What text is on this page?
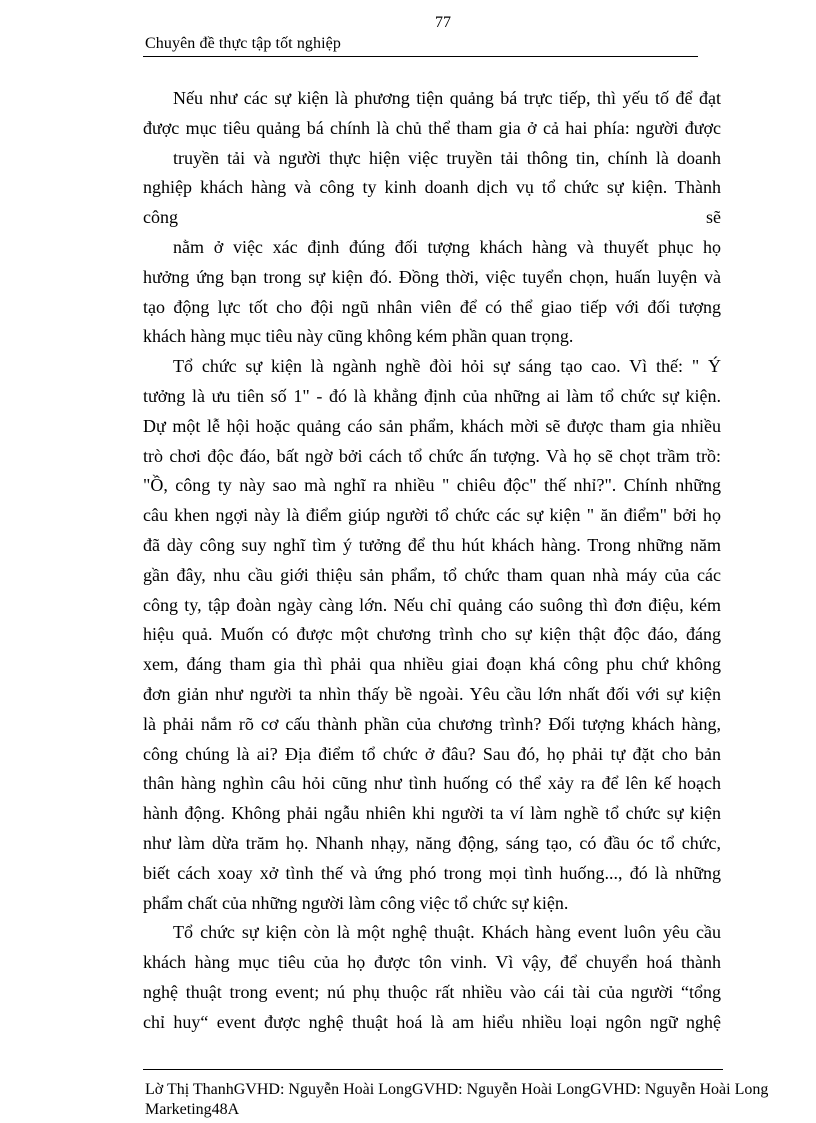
77
Chuyên đề thực tập tốt nghiệp
Nếu như các sự kiện là phương tiện quảng bá trực tiếp, thì yếu tố để đạt
được mục tiêu quảng bá chính là chủ thể tham gia ở cả hai phía: người được
truyền tải và người thực hiện việc truyền tải thông tin, chính là doanh
nghiệp khách hàng và công ty kinh doanh dịch vụ tổ chức sự kiện. Thành
công	sẽ
nằm ở việc xác định đúng đối tượng khách hàng và thuyết phục họ
hưởng ứng bạn trong sự kiện đó. Đồng thời, việc tuyển chọn, huấn luyện và
tạo động lực tốt cho đội ngũ nhân viên để có thể giao tiếp với đối tượng
khách hàng mục tiêu này cũng không kém phần quan trọng.
Tổ chức sự kiện là ngành nghề đòi hỏi sự sáng tạo cao. Vì thế: " Ý
tưởng là ưu tiên số 1" - đó là khẳng định của những ai làm tổ chức sự kiện.
Dự một lễ hội hoặc quảng cáo sản phẩm, khách mời sẽ được tham gia nhiều
trò chơi độc đáo, bất ngờ bởi cách tổ chức ấn tượng. Và họ sẽ chọt trầm trồ:
"Ồ, công ty này sao mà nghĩ ra nhiều " chiêu độc" thế nhỉ?". Chính những
câu khen ngợi này là điểm giúp người tổ chức các sự kiện " ăn điểm" bởi họ
đã dày công suy nghĩ tìm ý tưởng để thu hút khách hàng. Trong những năm
gần đây, nhu cầu giới thiệu sản phẩm, tổ chức tham quan nhà máy của các
công ty, tập đoàn ngày càng lớn. Nếu chỉ quảng cáo suông thì đơn điệu, kém
hiệu quả. Muốn có được một chương trình cho sự kiện thật độc đáo, đáng
xem, đáng tham gia thì phải qua nhiều giai đoạn khá công phu chứ không
đơn giản như người ta nhìn thấy bề ngoài. Yêu cầu lớn nhất đối với sự kiện
là phải nắm rõ cơ cấu thành phần của chương trình? Đối tượng khách hàng,
công chúng là ai? Địa điểm tổ chức ở đâu? Sau đó, họ phải tự đặt cho bản
thân hàng nghìn câu hỏi cũng như tình huống có thể xảy ra để lên kế hoạch
hành động. Không phải ngẫu nhiên khi người ta ví làm nghề tổ chức sự kiện
như làm dừa trăm họ. Nhanh nhạy, năng động, sáng tạo, có đầu óc tổ chức,
biết cách xoay xở tình thế và ứng phó trong mọi tình huống..., đó là những
phẩm chất của những người làm công việc tổ chức sự kiện.
Tổ chức sự kiện còn là một nghệ thuật. Khách hàng event luôn yêu cầu
khách hàng mục tiêu của họ được tôn vinh. Vì vậy, để chuyển hoá thành
nghệ thuật trong event; nú phụ thuộc rất nhiều vào cái tài của người “tổng
chỉ huy“ event được nghệ thuật hoá là am hiểu nhiều loại ngôn ngữ nghệ
Lờ Thị ThanhGVHD: Nguyễn Hoài LongGVHD: Nguyễn Hoài LongGVHD: Nguyễn Hoài Long
Marketing48A
